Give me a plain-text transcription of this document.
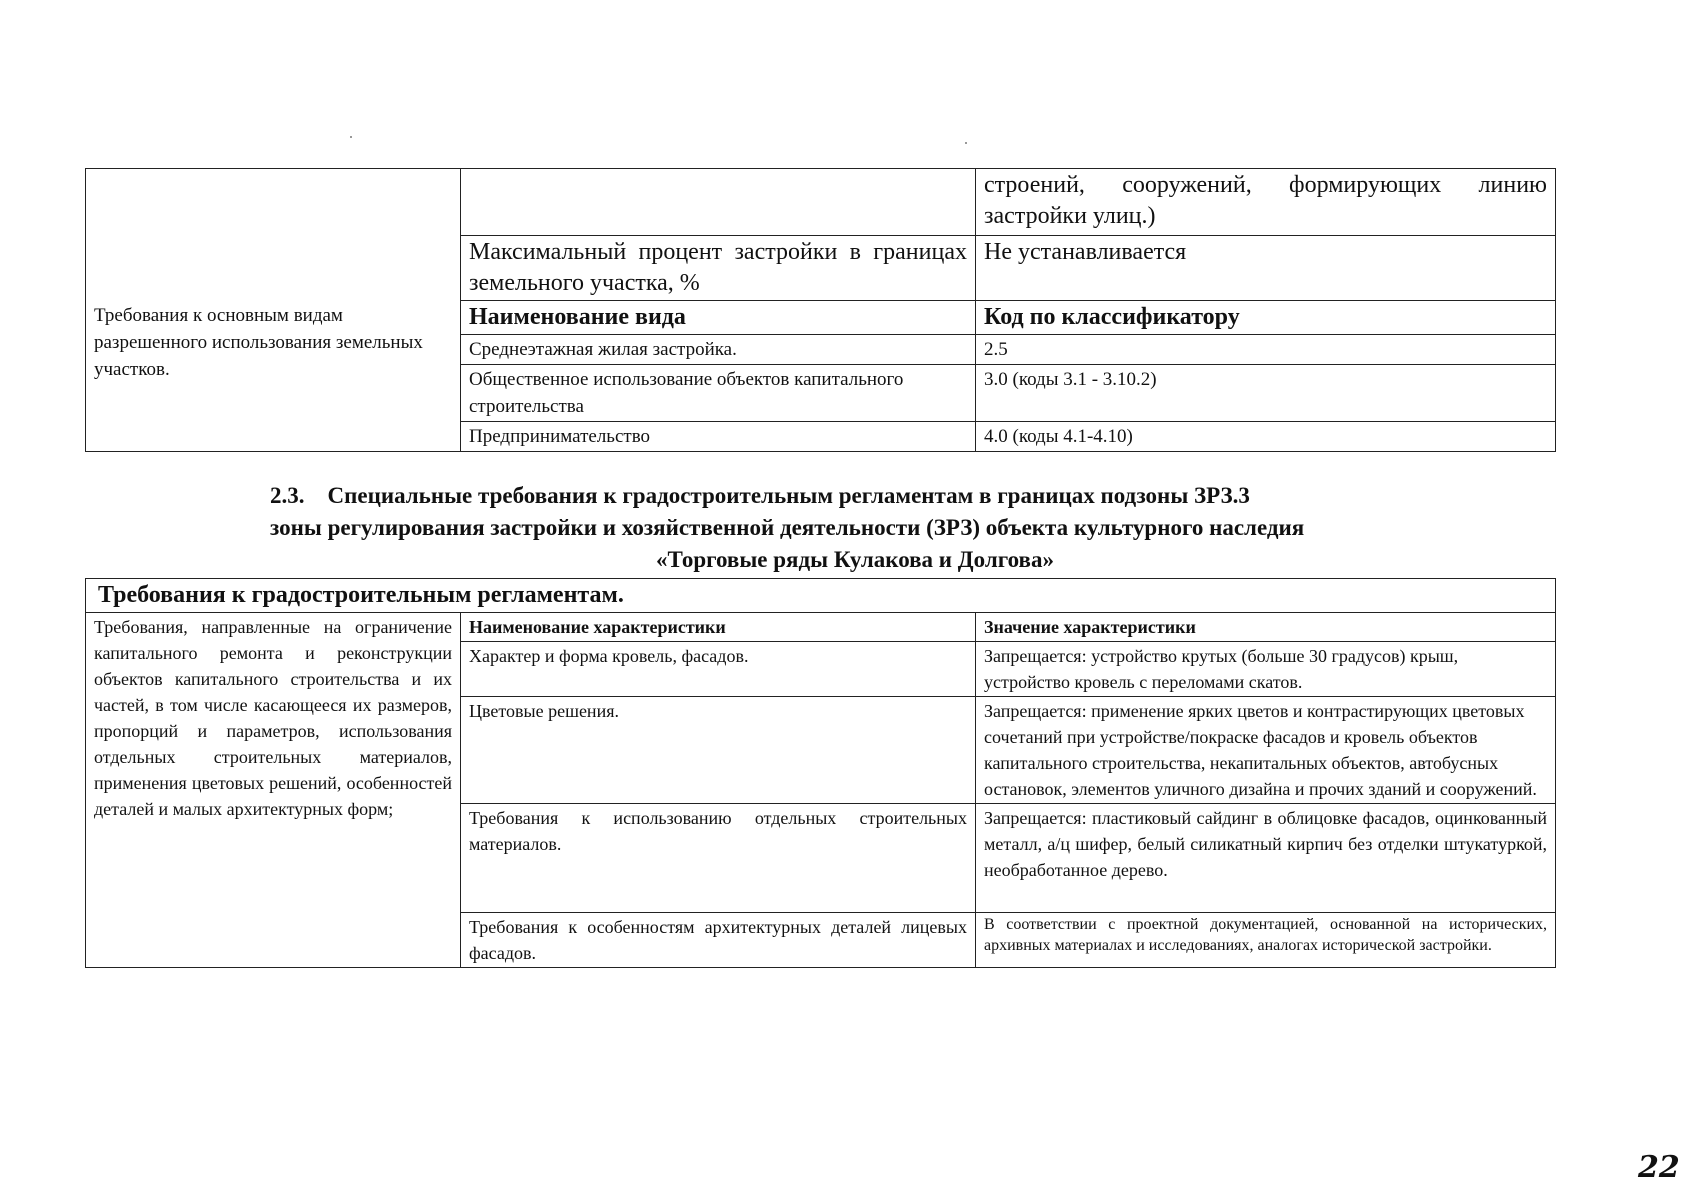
		строений, сооружений, формирующих линию застройки улиц.)
	Максимальный процент застройки в границах земельного участка, %	Не устанавливается
Требования к основным видам разрешенного использования земельных участков.	Наименование вида	Код по классификатору
	Среднеэтажная жилая застройка.	2.5
	Общественное использование объектов капитального строительства	3.0 (коды 3.1 - 3.10.2)
	Предпринимательство	4.0 (коды 4.1-4.10)
2.3. Специальные требования к градостроительным регламентам в границах подзоны ЗРЗ.3
зоны регулирования застройки и хозяйственной деятельности (ЗРЗ) объекта культурного наследия
«Торговые ряды Кулакова и Долгова»
Требования к градостроительным регламентам.		
Требования, направленные на ограничение капитального ремонта и реконструкции объектов капитального строительства и их частей, в том числе касающееся их размеров, пропорций и параметров, использования отдельных строительных материалов, применения цветовых решений, особенностей деталей и малых архитектурных форм;	Наименование характеристики	Значение характеристики
	Характер и форма кровель, фасадов.	Запрещается: устройство крутых (больше 30 градусов) крыш, устройство кровель с переломами скатов.
	Цветовые решения.	Запрещается: применение ярких цветов и контрастирующих цветовых сочетаний при устройстве/покраске фасадов и кровель объектов капитального строительства, некапитальных объектов, автобусных остановок, элементов уличного дизайна и прочих зданий и сооружений.
	Требования к использованию отдельных строительных материалов.	Запрещается: пластиковый сайдинг в облицовке фасадов, оцинкованный металл, а/ц шифер, белый силикатный кирпич без отделки штукатуркой, необработанное дерево.
	Требования к особенностям архитектурных деталей лицевых фасадов.	В соответствии с проектной документацией, основанной на исторических, архивных материалах и исследованиях, аналогах исторической застройки.
22
